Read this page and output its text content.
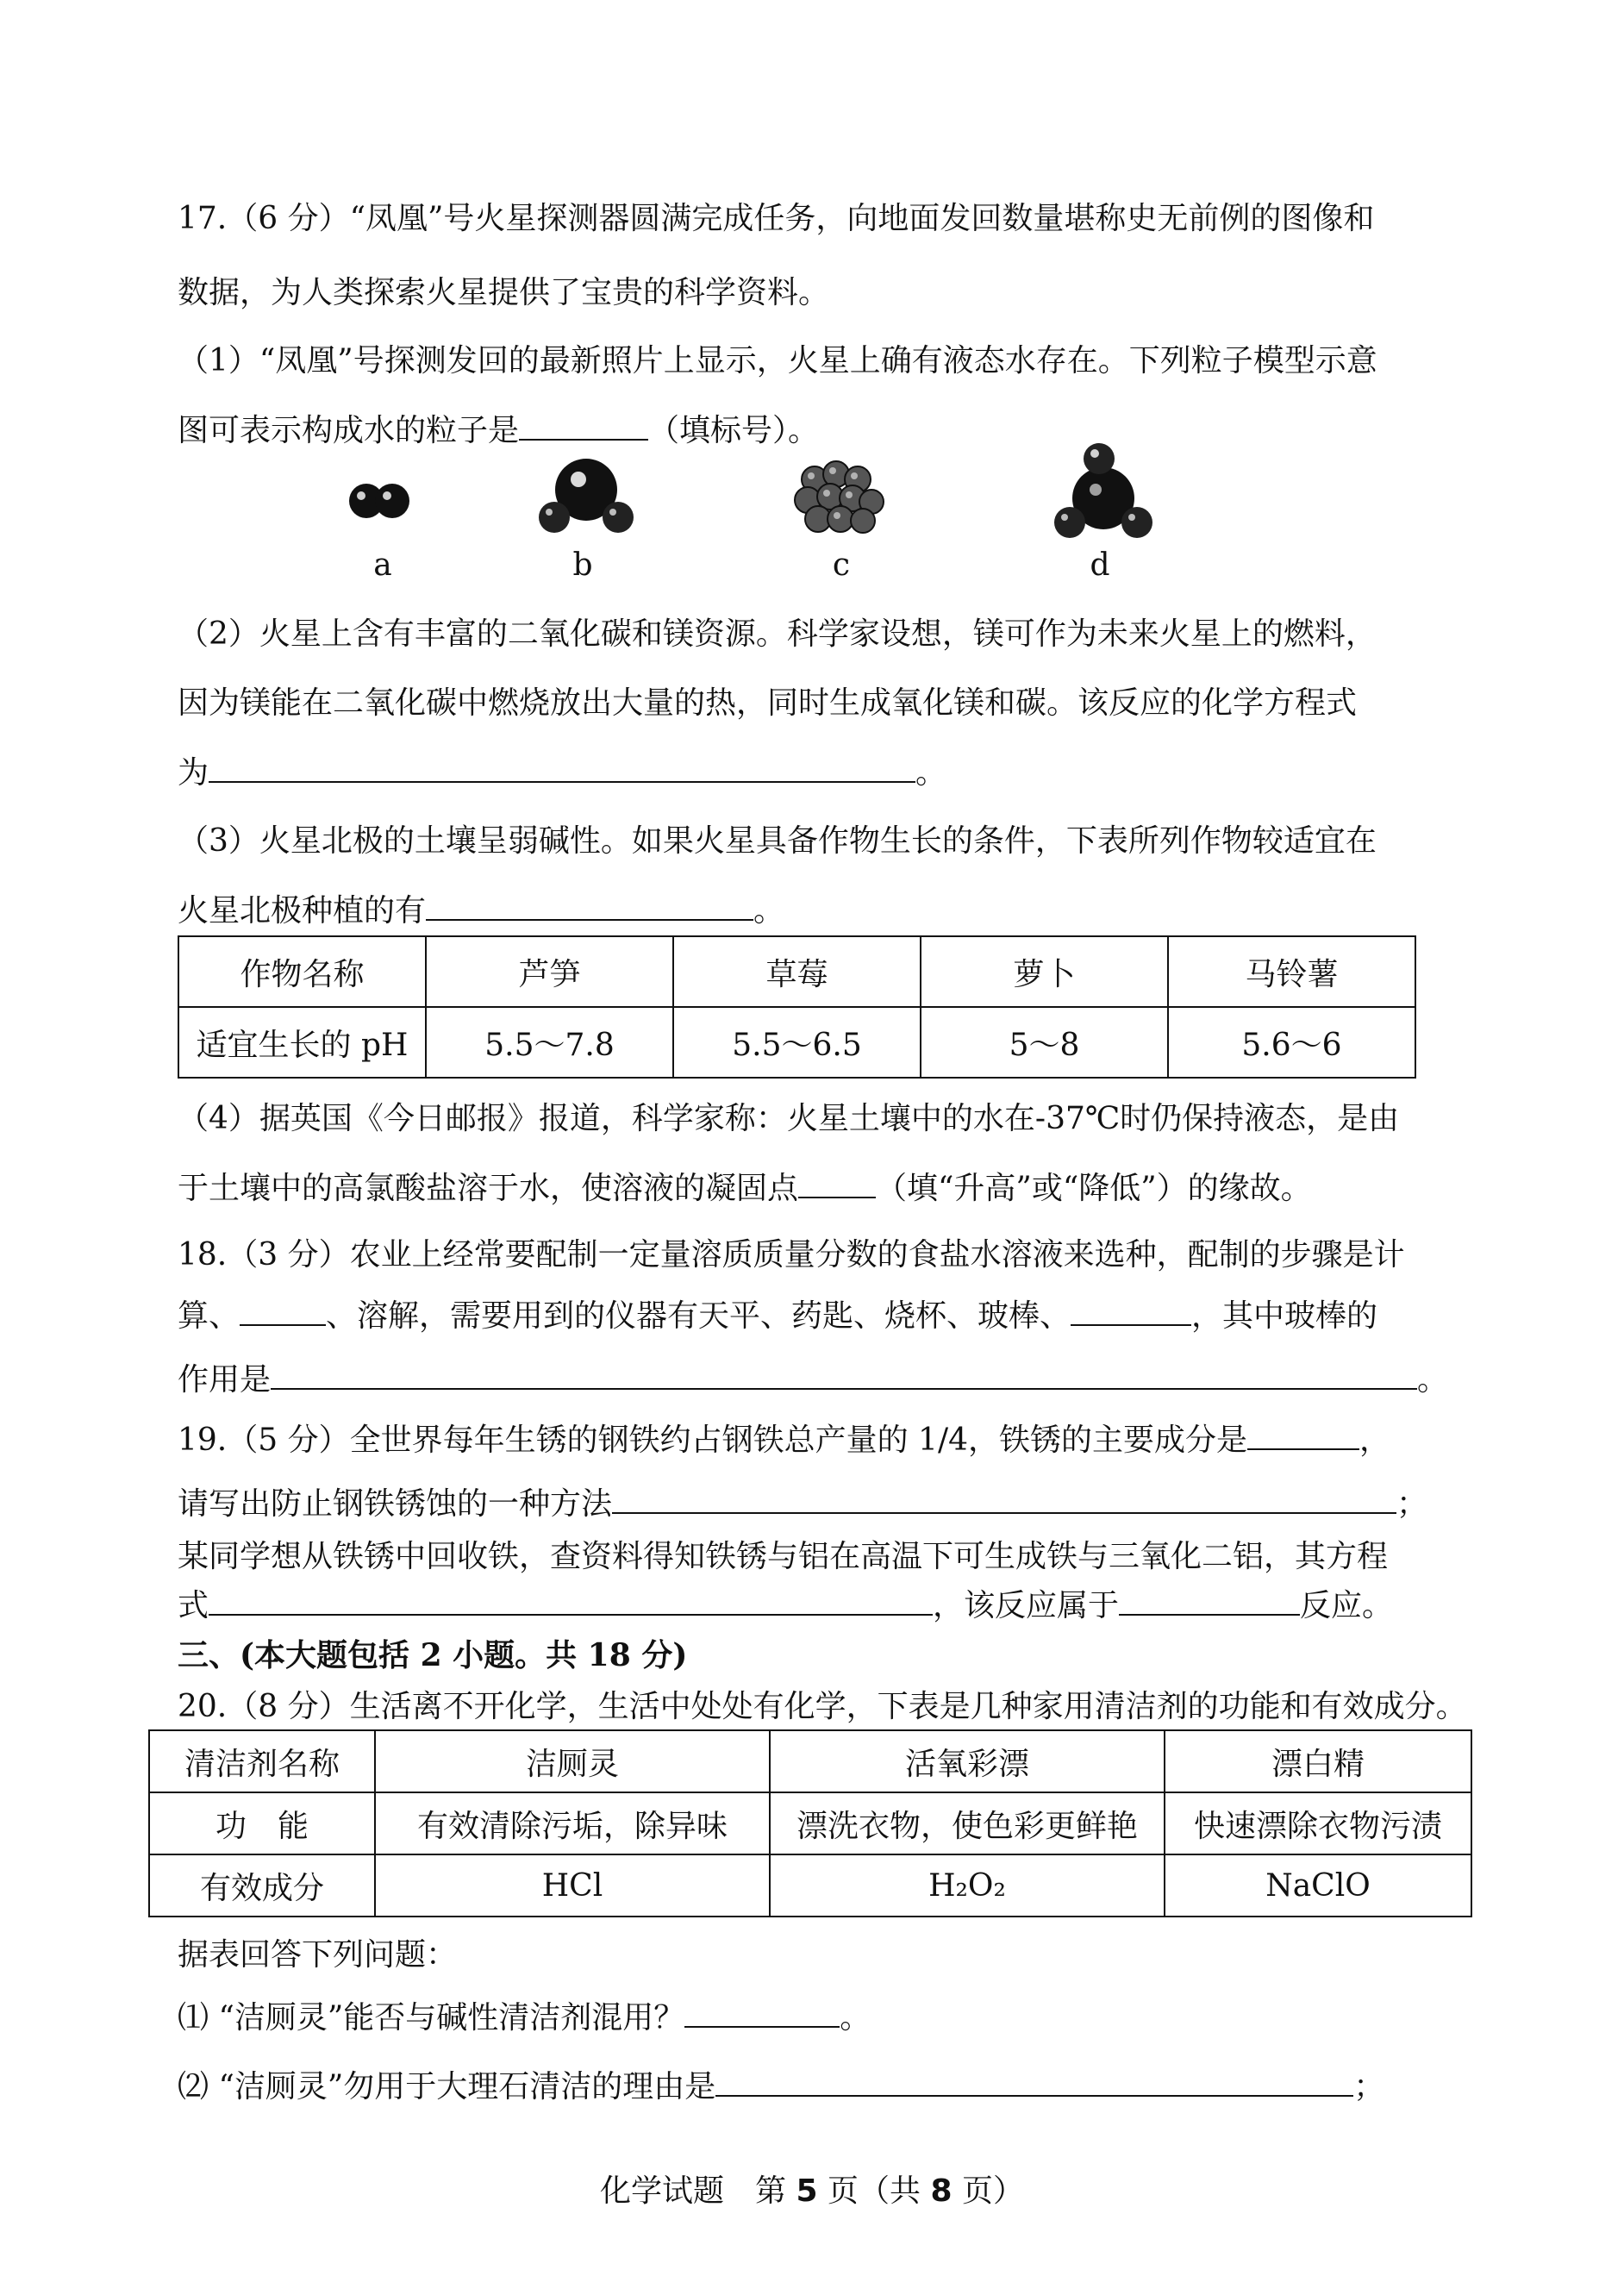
17.（6 分）“凤凰”号火星探测器圆满完成任务，向地面发回数量堪称史无前例的图像和
数据，为人类探索火星提供了宝贵的科学资料。
（1）“凤凰”号探测发回的最新照片上显示，火星上确有液态水存在。下列粒子模型示意
图可表示构成水的粒子是	（填标号）。
a	b	c	d
（2）火星上含有丰富的二氧化碳和镁资源。科学家设想，镁可作为未来火星上的燃料，
因为镁能在二氧化碳中燃烧放出大量的热，同时生成氧化镁和碳。该反应的化学方程式
为	。
（3）火星北极的土壤呈弱碱性。如果火星具备作物生长的条件，下表所列作物较适宜在
火星北极种植的有	。
作物名称	芦笋	草莓	萝卜	马铃薯
适宜生长的 pH	5.5～7.8	5.5～6.5	5～8	5.6～6
（4）据英国《今日邮报》报道，科学家称：火星土壤中的水在-37℃时仍保持液态，是由
于土壤中的高氯酸盐溶于水，使溶液的凝固点	（填“升高”或“降低”）的缘故。
18.（3 分）农业上经常要配制一定量溶质质量分数的食盐水溶液来选种，配制的步骤是计
算、	、溶解，需要用到的仪器有天平、药匙、烧杯、玻棒、	，其中玻棒的
作用是	。
19.（5 分）全世界每年生锈的钢铁约占钢铁总产量的 1/4，铁锈的主要成分是	，
请写出防止钢铁锈蚀的一种方法	；
某同学想从铁锈中回收铁，查资料得知铁锈与铝在高温下可生成铁与三氧化二铝，其方程
式	，该反应属于	反应。
三、(本大题包括 2 小题。共 18 分)
20.（8 分）生活离不开化学，生活中处处有化学，下表是几种家用清洁剂的功能和有效成分。
清洁剂名称	洁厕灵	活氧彩漂	漂白精
功　能	有效清除污垢，除异味	漂洗衣物，使色彩更鲜艳	快速漂除衣物污渍
有效成分	HCl	H₂O₂	NaClO
据表回答下列问题：
⑴ “洁厕灵”能否与碱性清洁剂混用？	。
⑵ “洁厕灵”勿用于大理石清洁的理由是	；
化学试题　 第 5 页（共 8 页）
